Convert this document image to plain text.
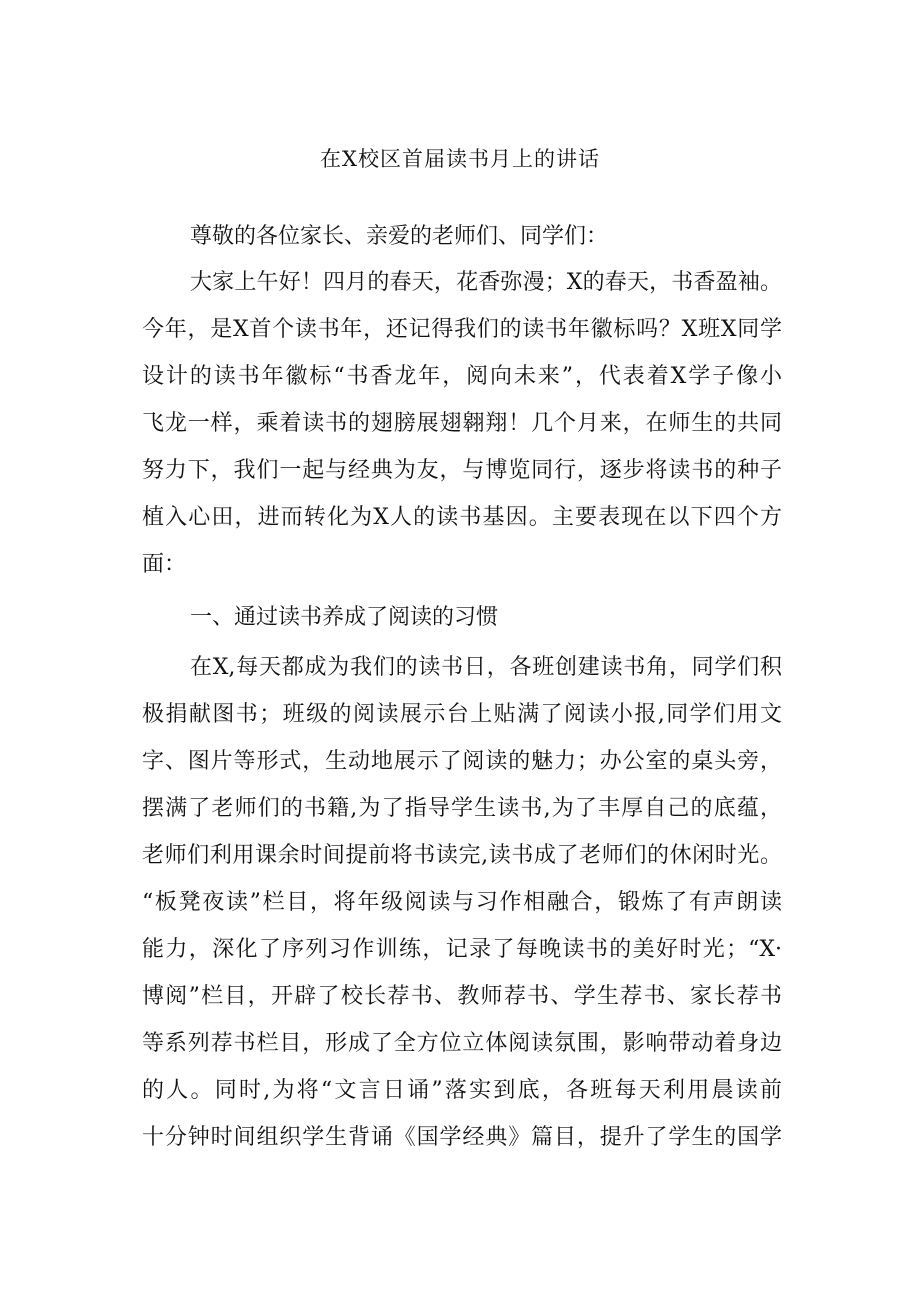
在X校区首届读书月上的讲话
尊敬的各位家长、亲爱的老师们、同学们：
大家上午好！四月的春天，花香弥漫；X的春天，书香盈袖。
今年，是X首个读书年，还记得我们的读书年徽标吗？X班X同学
设计的读书年徽标“书香龙年，阅向未来”，代表着X学子像小
飞龙一样，乘着读书的翅膀展翅翱翔！几个月来，在师生的共同
努力下，我们一起与经典为友，与博览同行，逐步将读书的种子
植入心田，进而转化为X人的读书基因。主要表现在以下四个方
面：
一、通过读书养成了阅读的习惯
在X,每天都成为我们的读书日，各班创建读书角，同学们积
极捐献图书；班级的阅读展示台上贴满了阅读小报,同学们用文
字、图片等形式，生动地展示了阅读的魅力；办公室的桌头旁，
摆满了老师们的书籍,为了指导学生读书,为了丰厚自己的底蕴，
老师们利用课余时间提前将书读完,读书成了老师们的休闲时光。
“板凳夜读”栏目，将年级阅读与习作相融合，锻炼了有声朗读
能力，深化了序列习作训练，记录了每晚读书的美好时光；“X·
博阅”栏目，开辟了校长荐书、教师荐书、学生荐书、家长荐书
等系列荐书栏目，形成了全方位立体阅读氛围，影响带动着身边
的人。同时,为将“文言日诵”落实到底，各班每天利用晨读前
十分钟时间组织学生背诵《国学经典》篇目，提升了学生的国学
